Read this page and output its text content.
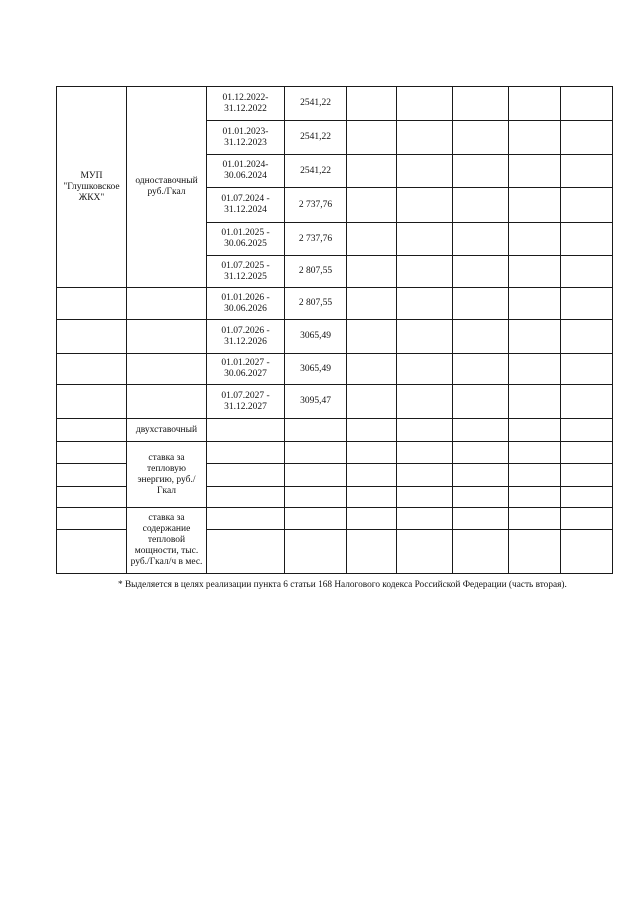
МУП "Глушковское ЖКХ"	одноставочный руб./Гкал	01.12.2022- 31.12.2022	2541,22					
		01.01.2023- 31.12.2023	2541,22					
		01.01.2024- 30.06.2024	2541,22					
		01.07.2024 - 31.12.2024	2 737,76					
		01.01.2025 - 30.06.2025	2 737,76					
		01.07.2025 - 31.12.2025	2 807,55					
		01.01.2026 - 30.06.2026	2 807,55					
		01.07.2026 - 31.12.2026	3065,49					
		01.01.2027 - 30.06.2027	3065,49					
		01.07.2027 - 31.12.2027	3095,47					
	двухставочный							
	ставка за тепловую энергию, руб./Гкал							

	ставка за содержание тепловой мощности, тыс. руб./Гкал/ч в мес.							

* Выделяется в целях реализации пункта 6 статьи 168 Налогового кодекса Российской Федерации (часть вторая).
